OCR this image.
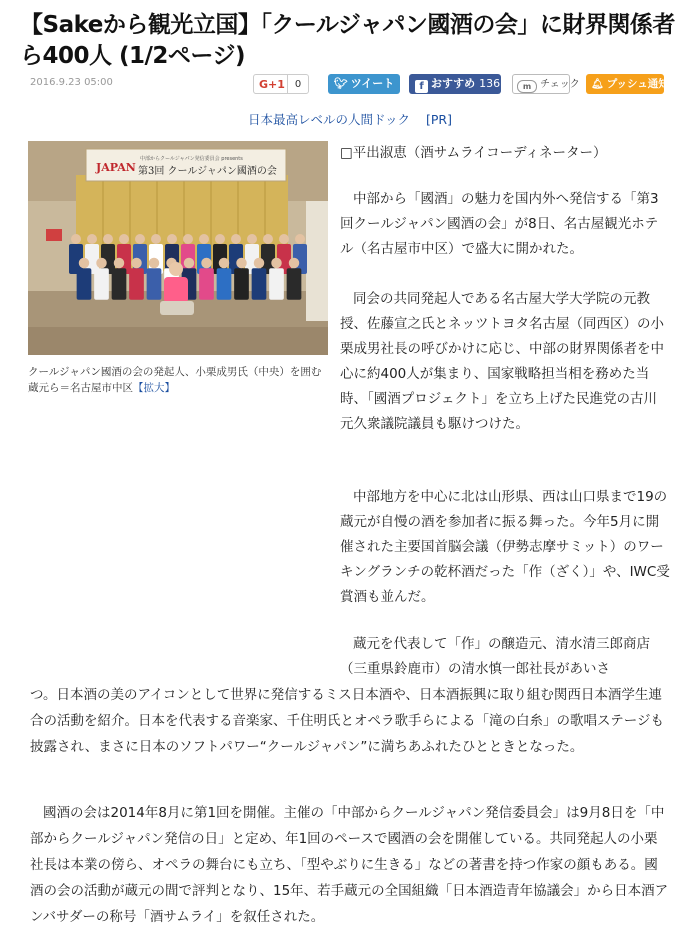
【Sakeから観光立国】「クールジャパン國酒の会」に財界関係者ら400人 (1/2ページ)
2016.9.23 05:00	G+1 0	🐦︎ ツイート	f おすすめ 136	m チェック	🔔︎ プッシュ通知
日本最高レベルの人間ドック [PR]
JAPAN
中部からクールジャパン発信委員会 presents
第3回 クールジャパン國酒の会
クールジャパン國酒の会の発起人、小栗成男氏（中央）を囲む蔵元ら＝名古屋市中区【拡大】

□平出淑恵（酒サムライコーディネーター）

中部から「國酒」の魅力を国内外へ発信する「第3回クールジャパン國酒の会」が8日、名古屋観光ホテル（名古屋市中区）で盛大に開かれた。

同会の共同発起人である名古屋大学大学院の元教授、佐藤宣之氏とネッツトヨタ名古屋（同西区）の小栗成男社長の呼びかけに応じ、中部の財界関係者を中心に約400人が集まり、国家戦略担当相を務めた当時、「國酒プロジェクト」を立ち上げた民進党の古川元久衆議院議員も駆けつけた。

中部地方を中心に北は山形県、西は山口県まで19の蔵元が自慢の酒を参加者に振る舞った。今年5月に開催された主要国首脳会議（伊勢志摩サミット）のワーキングランチの乾杯酒だった「作（ざく）」や、IWC受賞酒も並んだ。

蔵元を代表して「作」の醸造元、清水清三郎商店（三重県鈴鹿市）の清水慎一郎社長があいさ

つ。日本酒の美のアイコンとして世界に発信するミス日本酒や、日本酒振興に取り組む関西日本酒学生連合の活動を紹介。日本を代表する音楽家、千住明氏とオペラ歌手らによる「滝の白糸」の歌唱ステージも披露され、まさに日本のソフトパワー“クールジャパン”に満ちあふれたひとときとなった。

國酒の会は2014年8月に第1回を開催。主催の「中部からクールジャパン発信委員会」は9月8日を「中部からクールジャパン発信の日」と定め、年1回のペースで國酒の会を開催している。共同発起人の小栗社長は本業の傍ら、オペラの舞台にも立ち、「型やぶりに生きる」などの著書を持つ作家の顔もある。國酒の会の活動が蔵元の間で評判となり、15年、若手蔵元の全国組織「日本酒造青年協議会」から日本酒アンバサダーの称号「酒サムライ」を叙任された。
